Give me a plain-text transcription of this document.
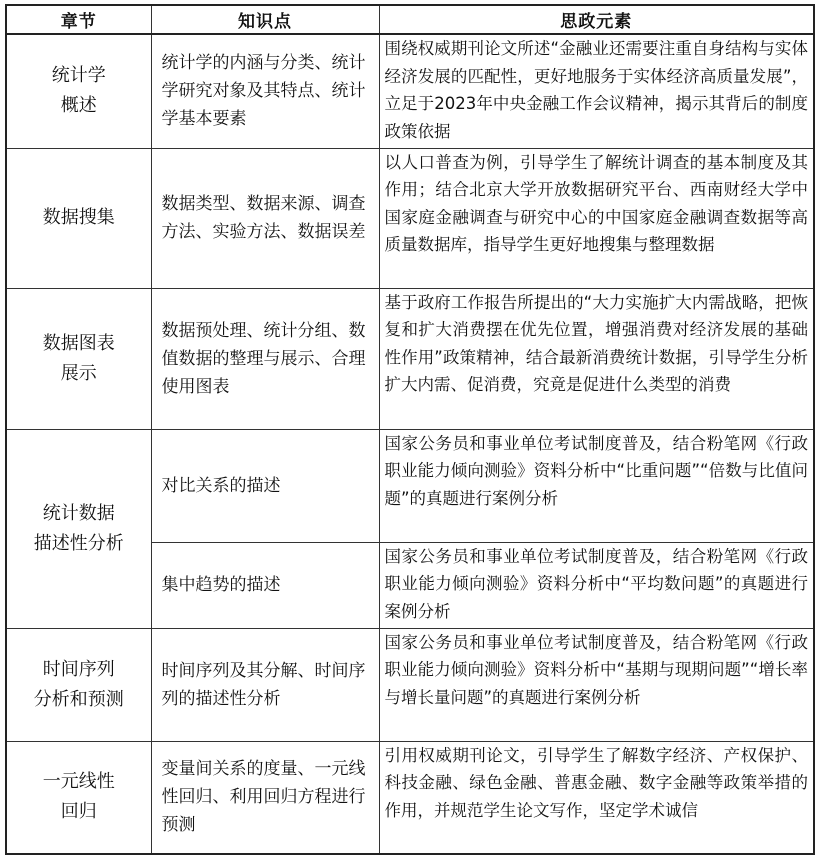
章节	知识点	思政元素
统计学
概述	统计学的内涵与分类、统计学研究对象及其特点、统计学基本要素	围绕权威期刊论文所述“金融业还需要注重自身结构与实体经济发展的匹配性，更好地服务于实体经济高质量发展”，立足于2023年中央金融工作会议精神，揭示其背后的制度政策依据
数据搜集	数据类型、数据来源、调查方法、实验方法、数据误差	以人口普查为例，引导学生了解统计调查的基本制度及其作用；结合北京大学开放数据研究平台、西南财经大学中国家庭金融调查与研究中心的中国家庭金融调查数据等高质量数据库，指导学生更好地搜集与整理数据
数据图表
展示	数据预处理、统计分组、数值数据的整理与展示、合理使用图表	基于政府工作报告所提出的“大力实施扩大内需战略，把恢复和扩大消费摆在优先位置，增强消费对经济发展的基础性作用”政策精神，结合最新消费统计数据，引导学生分析扩大内需、促消费，究竟是促进什么类型的消费
统计数据
描述性分析	对比关系的描述	国家公务员和事业单位考试制度普及，结合粉笔网《行政职业能力倾向测验》资料分析中“比重问题”“倍数与比值问题”的真题进行案例分析
	集中趋势的描述	国家公务员和事业单位考试制度普及，结合粉笔网《行政职业能力倾向测验》资料分析中“平均数问题”的真题进行案例分析
时间序列
分析和预测	时间序列及其分解、时间序列的描述性分析	国家公务员和事业单位考试制度普及，结合粉笔网《行政职业能力倾向测验》资料分析中“基期与现期问题”“增长率与增长量问题”的真题进行案例分析
一元线性
回归	变量间关系的度量、一元线性回归、利用回归方程进行预测	引用权威期刊论文，引导学生了解数字经济、产权保护、科技金融、绿色金融、普惠金融、数字金融等政策举措的作用，并规范学生论文写作，坚定学术诚信
